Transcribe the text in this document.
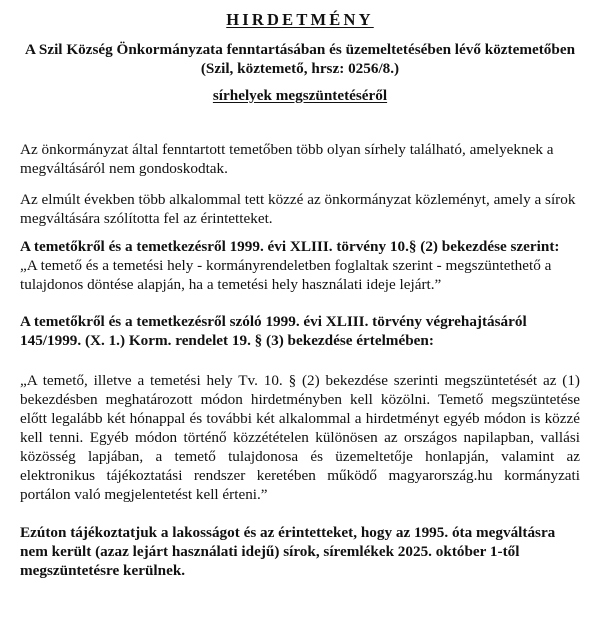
HIRDETMÉNY
A Szil Község Önkormányzata fenntartásában és üzemeltetésében lévő köztemetőben (Szil, köztemető, hrsz: 0256/8.)
sírhelyek megszüntetéséről

Az önkormányzat által fenntartott temetőben több olyan sírhely található, amelyeknek a megváltásáról nem gondoskodtak.

Az elmúlt években több alkalommal tett közzé az önkormányzat közleményt, amely a sírok megváltására szólította fel az érintetteket.

A temetőkről és a temetkezésről 1999. évi XLIII. törvény 10.§ (2) bekezdése szerint:

„A temető és a temetési hely - kormányrendeletben foglaltak szerint - megszüntethető a tulajdonos döntése alapján, ha a temetési hely használati ideje lejárt.”

A temetőkről és a temetkezésről szóló 1999. évi XLIII. törvény végrehajtásáról 145/1999. (X. 1.) Korm. rendelet 19. § (3) bekezdése értelmében:

„A temető, illetve a temetési hely Tv. 10. § (2) bekezdése szerinti megszüntetését az (1) bekezdésben meghatározott módon hirdetményben kell közölni. Temető megszüntetése előtt legalább két hónappal és további két alkalommal a hirdetményt egyéb módon is közzé kell tenni. Egyéb módon történő közzétételen különösen az országos napilapban, vallási közösség lapjában, a temető tulajdonosa és üzemeltetője honlapján, valamint az elektronikus tájékoztatási rendszer keretében működő magyarország.hu kormányzati portálon való megjelentetést kell érteni.”

Ezúton tájékoztatjuk a lakosságot és az érintetteket, hogy az 1995. óta megváltásra nem került (azaz lejárt használati idejű) sírok, síremlékek 2025. október 1-től megszüntetésre kerülnek.
